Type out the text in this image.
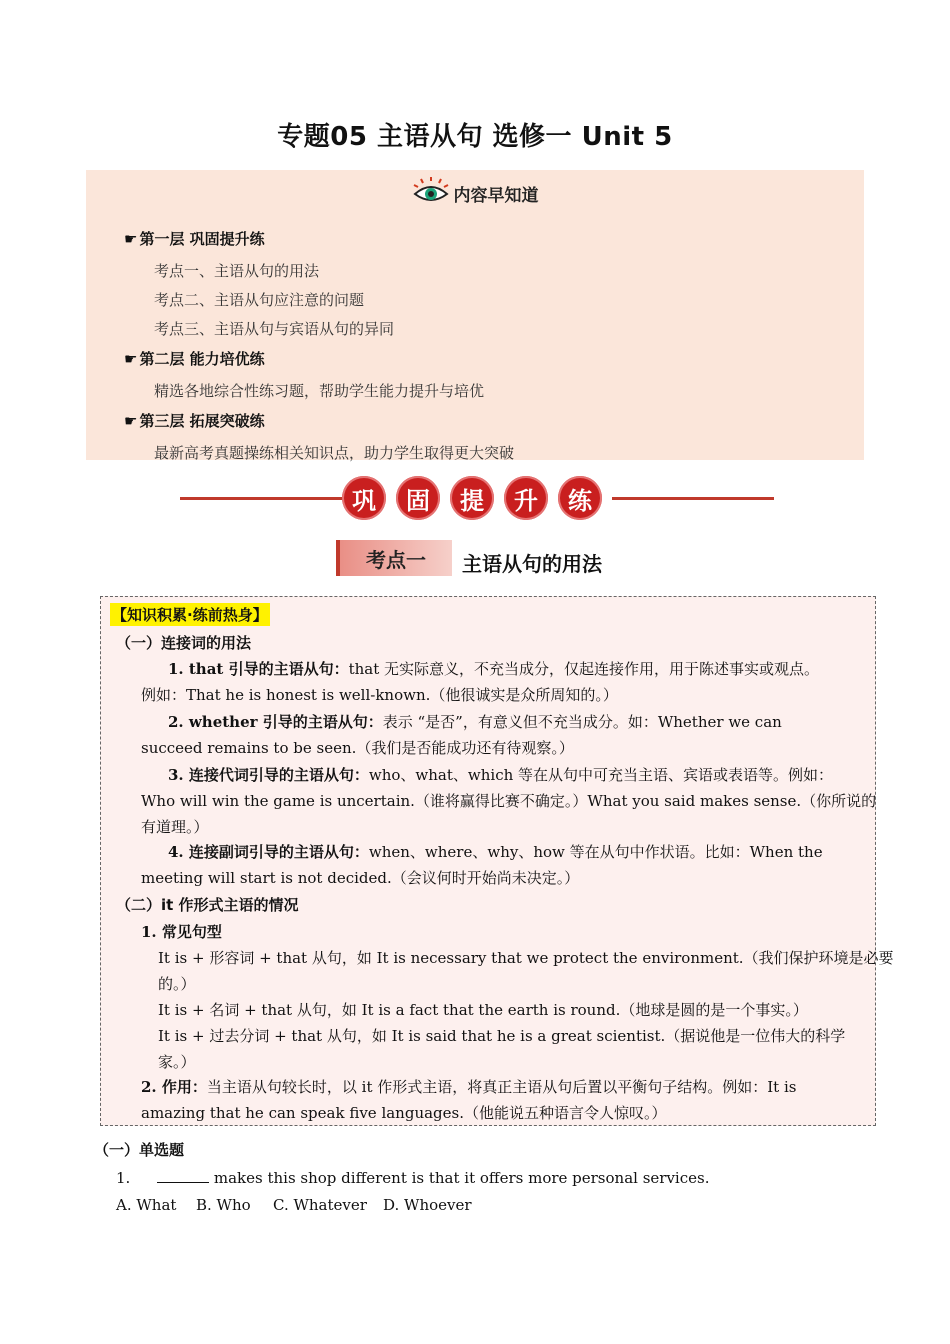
专题05 主语从句 选修一 Unit 5
内容早知道
☛ 第一层 巩固提升练
考点一、主语从句的用法
考点二、主语从句应注意的问题
考点三、主语从句与宾语从句的异同
☛ 第二层 能力培优练
精选各地综合性练习题，帮助学生能力提升与培优
☛ 第三层 拓展突破练
最新高考真题操练相关知识点，助力学生取得更大突破
巩	固	提	升	练
考点一	主语从句的用法
【知识积累·练前热身】
（一）连接词的用法
1. that 引导的主语从句：that 无实际意义，不充当成分，仅起连接作用，用于陈述事实或观点。
例如：That he is honest is well-known.（他很诚实是众所周知的。）
2. whether 引导的主语从句：表示 “是否”，有意义但不充当成分。如：Whether we can
succeed remains to be seen.（我们是否能成功还有待观察。）
3. 连接代词引导的主语从句：who、what、which 等在从句中可充当主语、宾语或表语等。例如：
Who will win the game is uncertain.（谁将赢得比赛不确定。）What you said makes sense.（你所说的
有道理。）
4. 连接副词引导的主语从句：when、where、why、how 等在从句中作状语。比如：When the
meeting will start is not decided.（会议何时开始尚未决定。）
（二）it 作形式主语的情况
1. 常见句型
It is + 形容词 + that 从句，如 It is necessary that we protect the environment.（我们保护环境是必要
的。）
It is + 名词 + that 从句，如 It is a fact that the earth is round.（地球是圆的是一个事实。）
It is + 过去分词 + that 从句，如 It is said that he is a great scientist.（据说他是一位伟大的科学
家。）
2. 作用：当主语从句较长时，以 it 作形式主语，将真正主语从句后置以平衡句子结构。例如：It is
amazing that he can speak five languages.（他能说五种语言令人惊叹。）
（一）单选题
1.	makes this shop different is that it offers more personal services.
A. What B. Who C. Whatever D. Whoever
